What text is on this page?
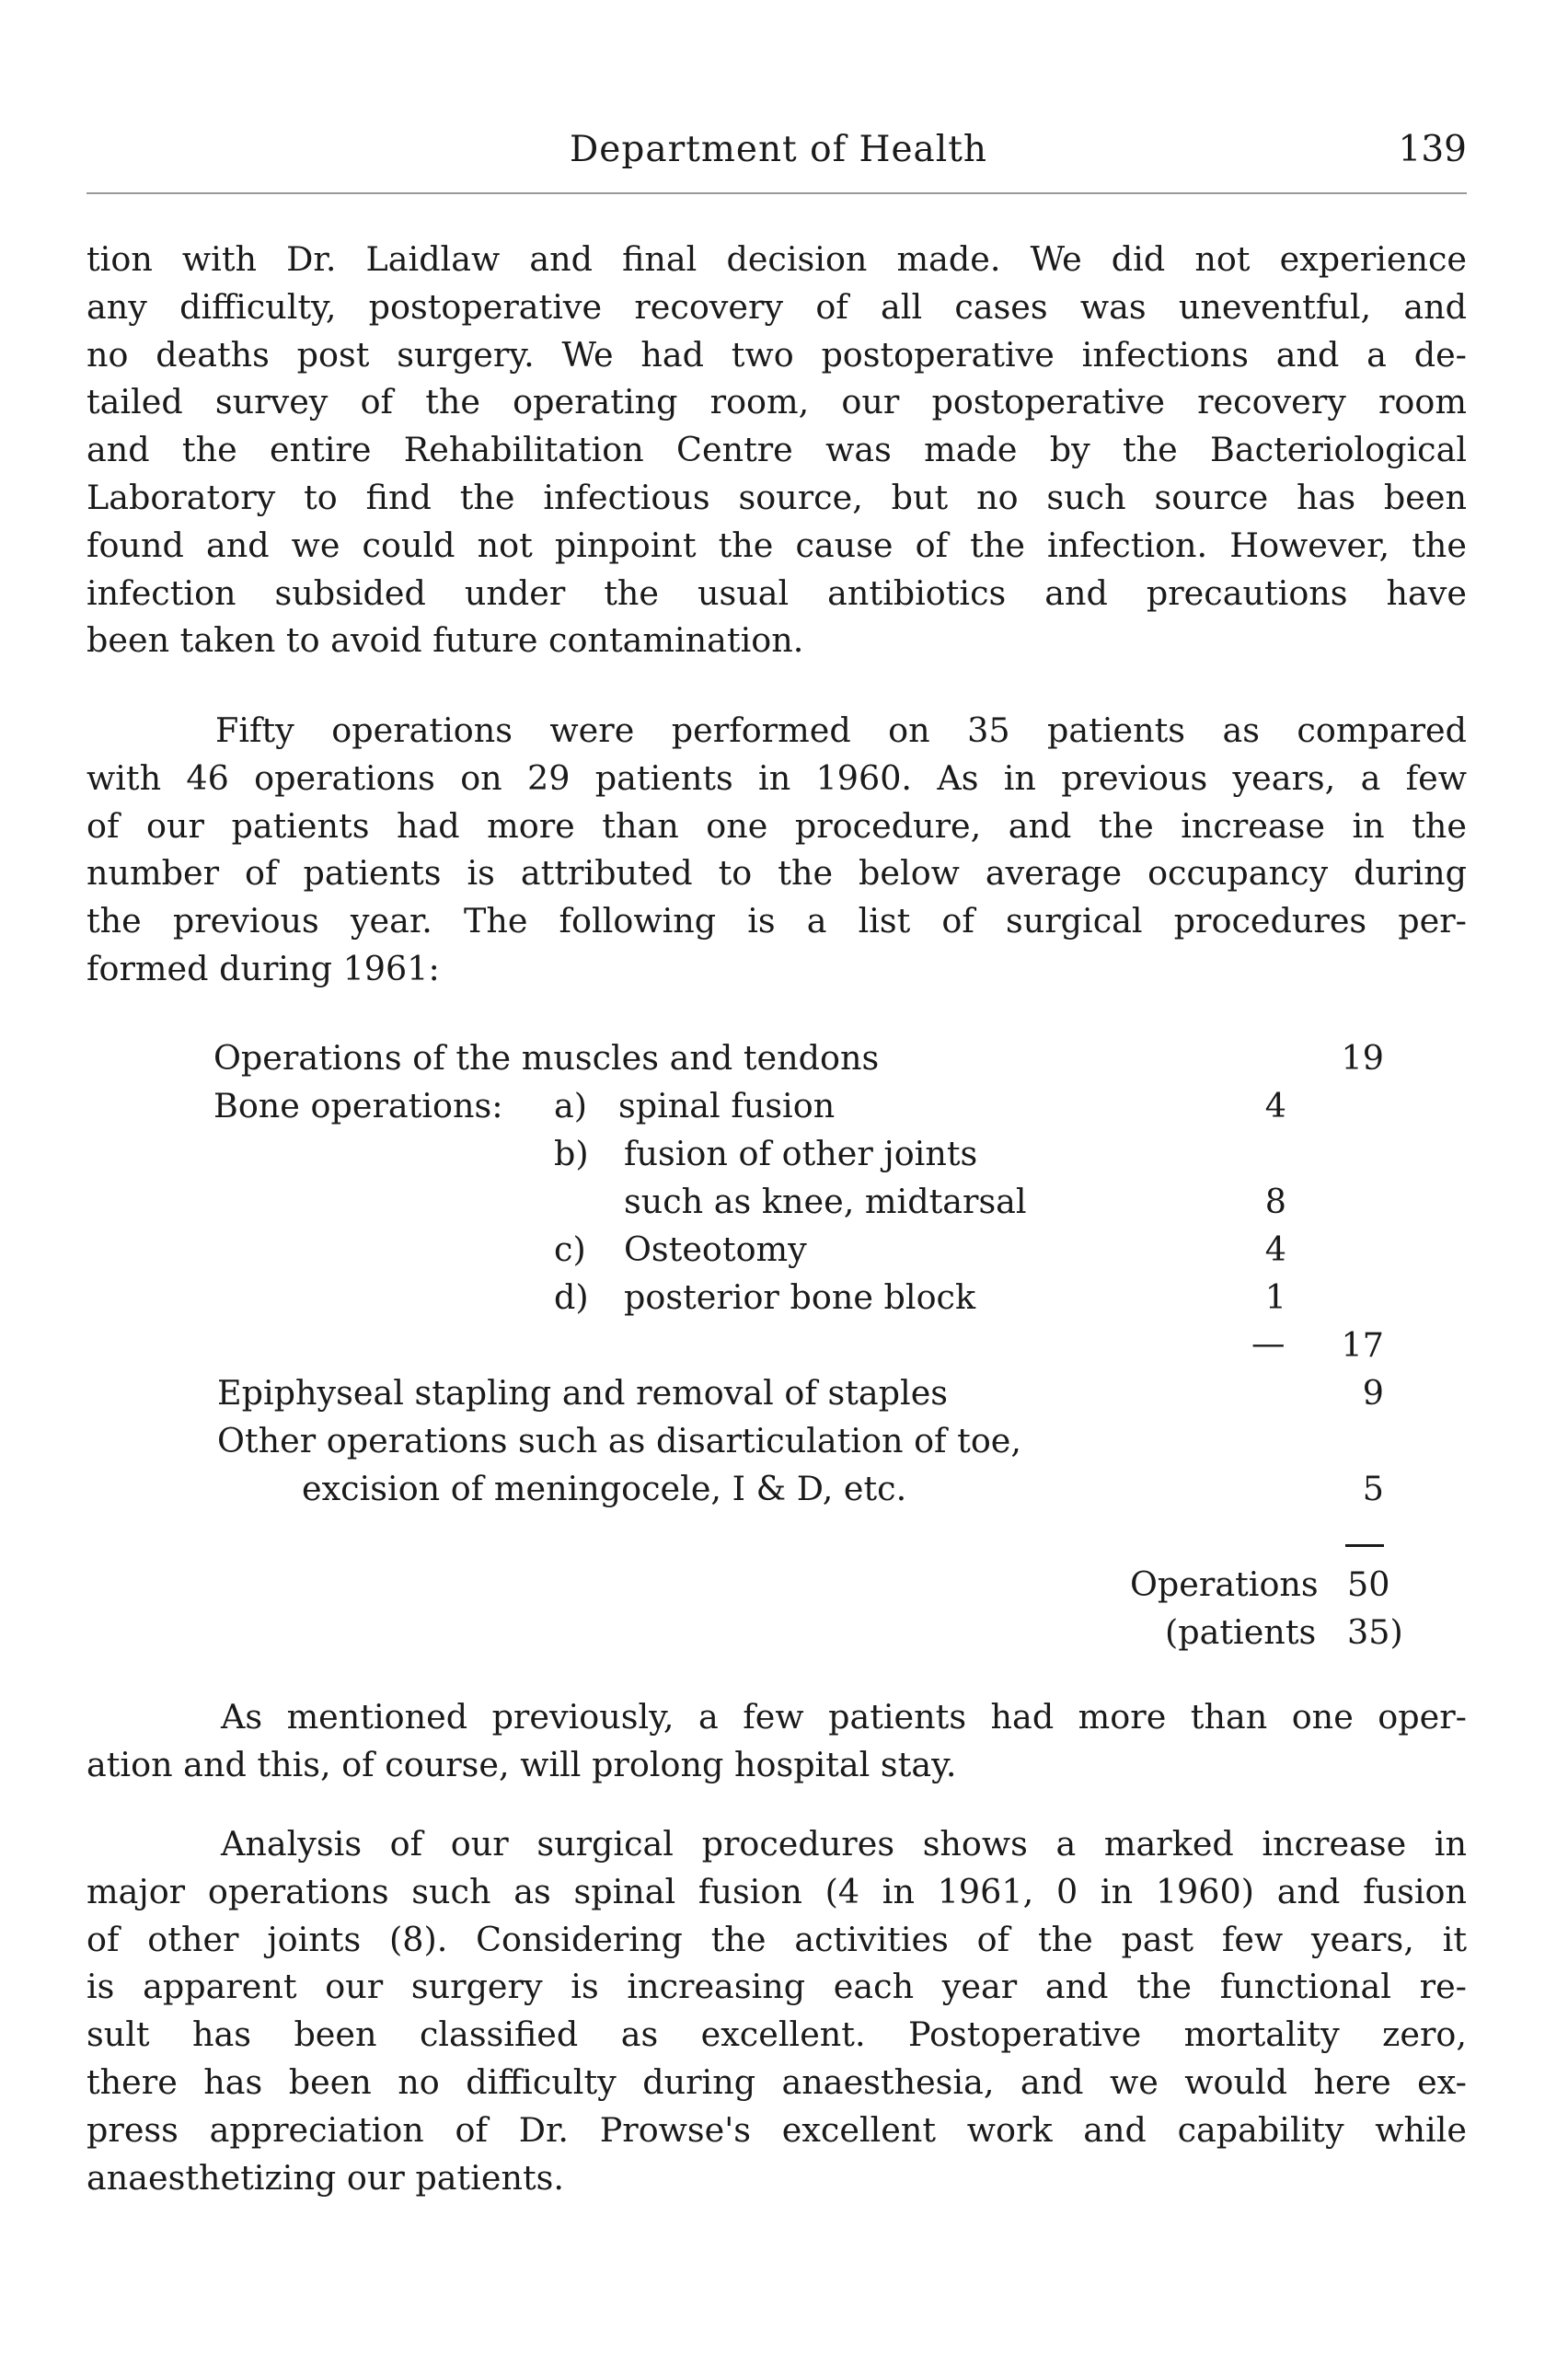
Department of Health	139
tion with Dr. Laidlaw and final decision made. We did not experience
any difficulty, postoperative recovery of all cases was uneventful, and
no deaths post surgery. We had two postoperative infections and a de-
tailed survey of the operating room, our postoperative recovery room
and the entire Rehabilitation Centre was made by the Bacteriological
Laboratory to find the infectious source, but no such source has been
found and we could not pinpoint the cause of the infection. However, the
infection subsided under the usual antibiotics and precautions have
been taken to avoid future contamination.
Fifty operations were performed on 35 patients as compared
with 46 operations on 29 patients in 1960. As in previous years, a few
of our patients had more than one procedure, and the increase in the
number of patients is attributed to the below average occupancy during
the previous year. The following is a list of surgical procedures per-
formed during 1961:
Operations of the muscles and tendons	19
Bone operations: a) spinal fusion	4
b) fusion of other joints
such as knee, midtarsal	8
c) Osteotomy	4
d) posterior bone block	1
—	17
Epiphyseal stapling and removal of staples	9
Other operations such as disarticulation of toe,
excision of meningocele, I & D, etc.	5
Operations 50
(patients 35)
As mentioned previously, a few patients had more than one oper-
ation and this, of course, will prolong hospital stay.
Analysis of our surgical procedures shows a marked increase in
major operations such as spinal fusion (4 in 1961, 0 in 1960) and fusion
of other joints (8). Considering the activities of the past few years, it
is apparent our surgery is increasing each year and the functional re-
sult has been classified as excellent. Postoperative mortality zero,
there has been no difficulty during anaesthesia, and we would here ex-
press appreciation of Dr. Prowse's excellent work and capability while
anaesthetizing our patients.
